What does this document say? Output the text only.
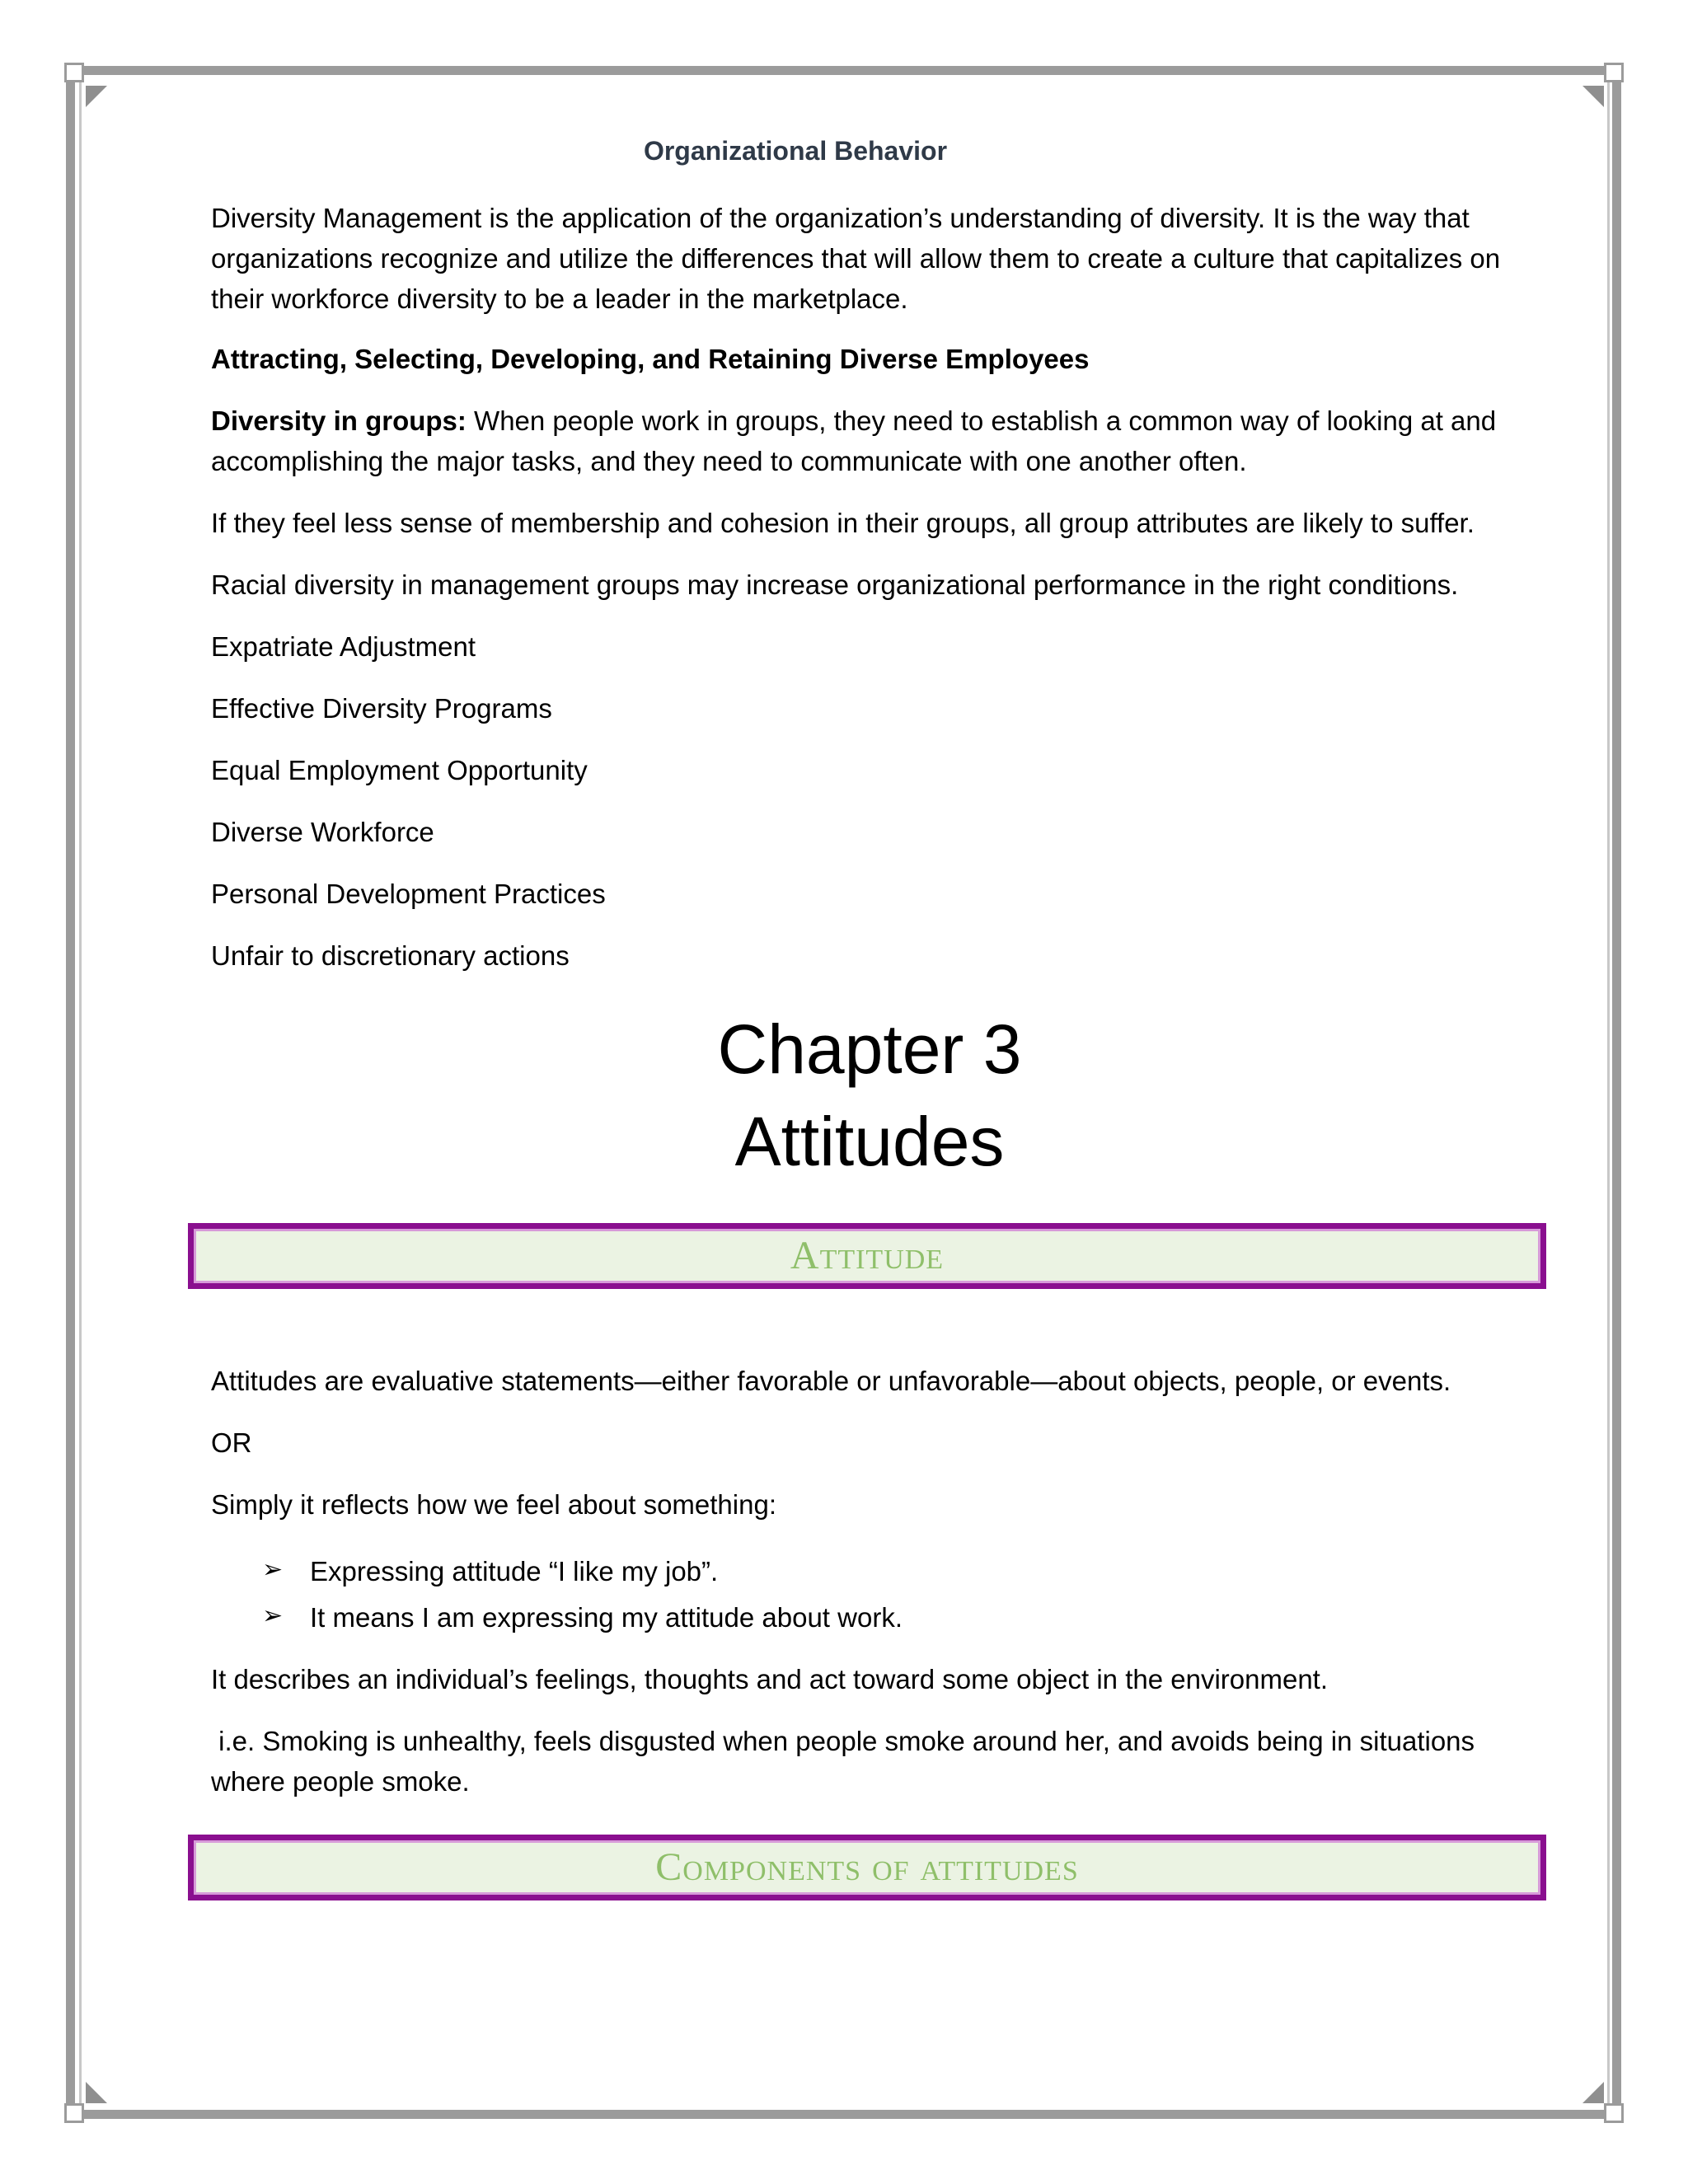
Organizational Behavior
Diversity Management is the application of the organization’s understanding of diversity. It is the way that organizations recognize and utilize the differences that will allow them to create a culture that capitalizes on their workforce diversity to be a leader in the marketplace.
Attracting, Selecting, Developing, and Retaining Diverse Employees
Diversity in groups: When people work in groups, they need to establish a common way of looking at and accomplishing the major tasks, and they need to communicate with one another often.
If they feel less sense of membership and cohesion in their groups, all group attributes are likely to suffer.
Racial diversity in management groups may increase organizational performance in the right conditions.
Expatriate Adjustment
Effective Diversity Programs
Equal Employment Opportunity
Diverse Workforce
Personal Development Practices
Unfair to discretionary actions
Chapter 3
Attitudes
Attitude
Attitudes are evaluative statements—either favorable or unfavorable—about objects, people, or events.
OR
Simply it reflects how we feel about something:
➢ Expressing attitude “I like my job”.
➢ It means I am expressing my attitude about work.
It describes an individual’s feelings, thoughts and act toward some object in the environment.
i.e. Smoking is unhealthy, feels disgusted when people smoke around her, and avoids being in situations where people smoke.
Components of attitudes
